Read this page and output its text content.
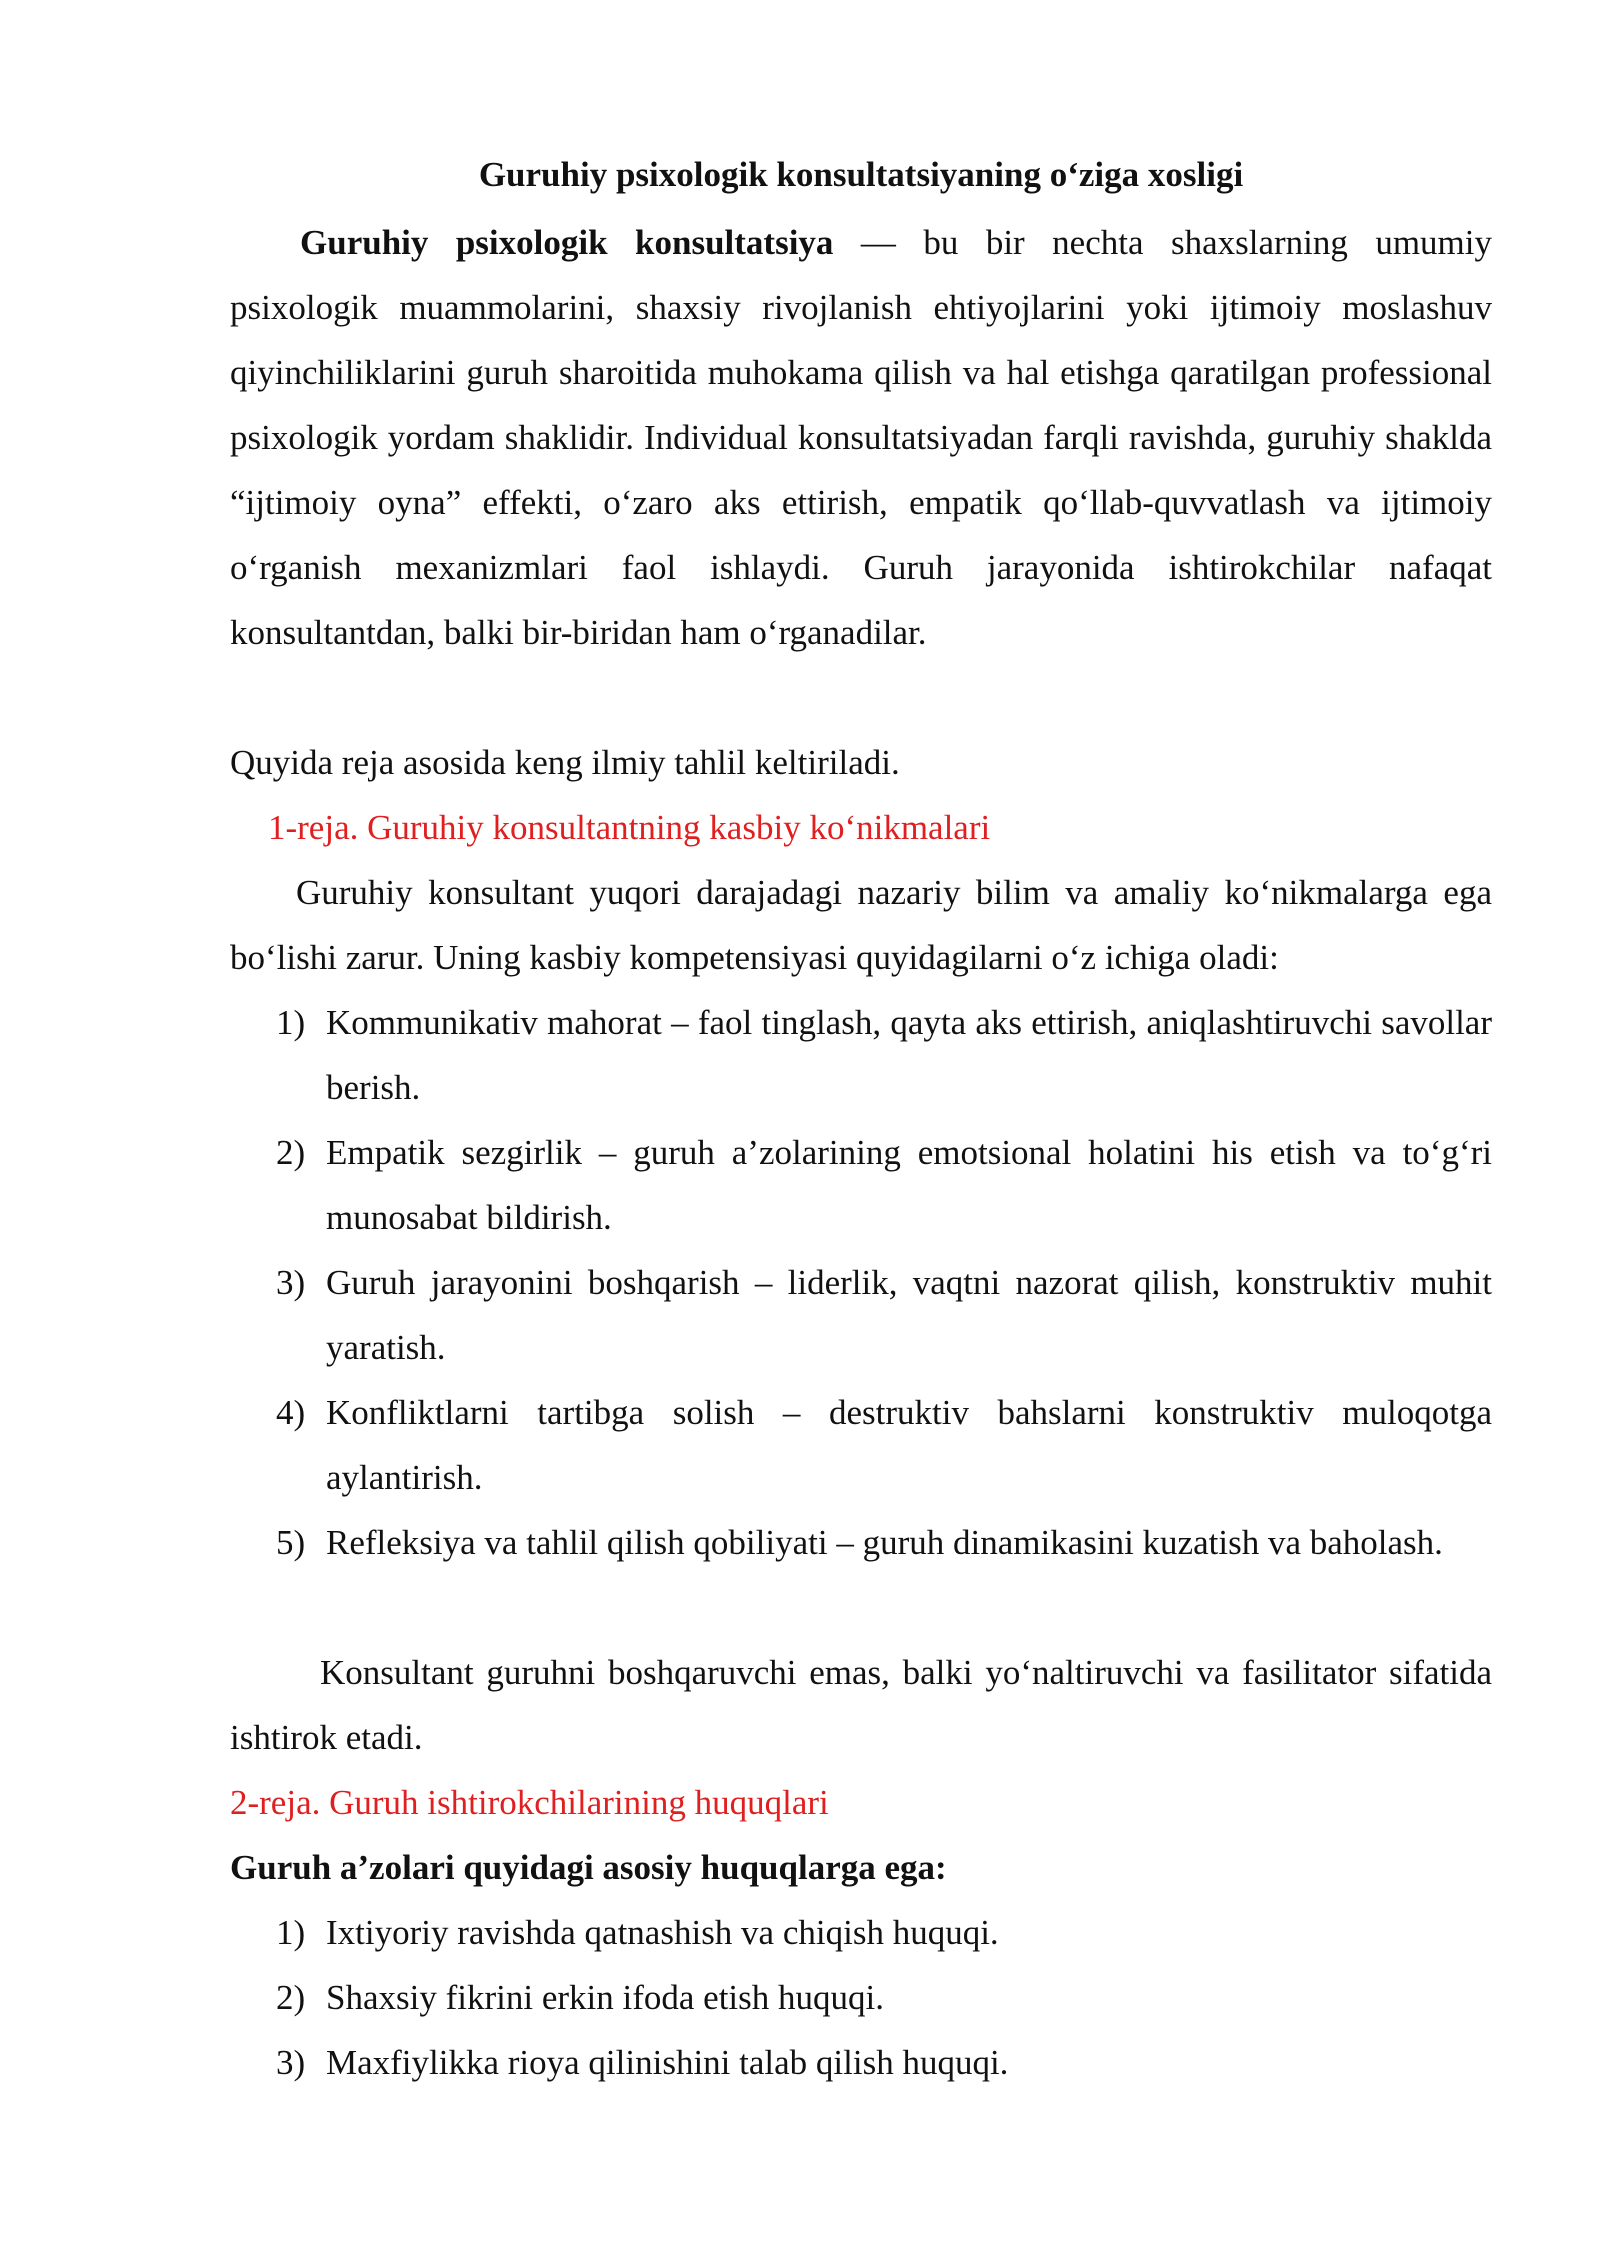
Guruhiy psixologik konsultatsiyaning o‘ziga xosligi

Guruhiy psixologik konsultatsiya — bu bir nechta shaxslarning umumiy psixologik muammolarini, shaxsiy rivojlanish ehtiyojlarini yoki ijtimoiy moslashuv qiyinchiliklarini guruh sharoitida muhokama qilish va hal etishga qaratilgan professional psixologik yordam shaklidir. Individual konsultatsiyadan farqli ravishda, guruhiy shaklda “ijtimoiy oyna” effekti, o‘zaro aks ettirish, empatik qo‘llab-quvvatlash va ijtimoiy o‘rganish mexanizmlari faol ishlaydi. Guruh jarayonida ishtirokchilar nafaqat konsultantdan, balki bir-biridan ham o‘rganadilar.

Quyida reja asosida keng ilmiy tahlil keltiriladi.
1-reja. Guruhiy konsultantning kasbiy ko‘nikmalari

Guruhiy konsultant yuqori darajadagi nazariy bilim va amaliy ko‘nikmalarga ega bo‘lishi zarur. Uning kasbiy kompetensiyasi quyidagilarni o‘z ichiga oladi:

1) Kommunikativ mahorat – faol tinglash, qayta aks ettirish, aniqlashtiruvchi savollar berish.
2) Empatik sezgirlik – guruh a’zolarining emotsional holatini his etish va to‘g‘ri munosabat bildirish.
3) Guruh jarayonini boshqarish – liderlik, vaqtni nazorat qilish, konstruktiv muhit yaratish.
4) Konfliktlarni tartibga solish – destruktiv bahslarni konstruktiv muloqotga aylantirish.
5) Refleksiya va tahlil qilish qobiliyati – guruh dinamikasini kuzatish va baholash.

Konsultant guruhni boshqaruvchi emas, balki yo‘naltiruvchi va fasilitator sifatida ishtirok etadi.

2-reja. Guruh ishtirokchilarining huquqlari
Guruh a’zolari quyidagi asosiy huquqlarga ega:
1) Ixtiyoriy ravishda qatnashish va chiqish huquqi.
2) Shaxsiy fikrini erkin ifoda etish huquqi.
3) Maxfiylikka rioya qilinishini talab qilish huquqi.
